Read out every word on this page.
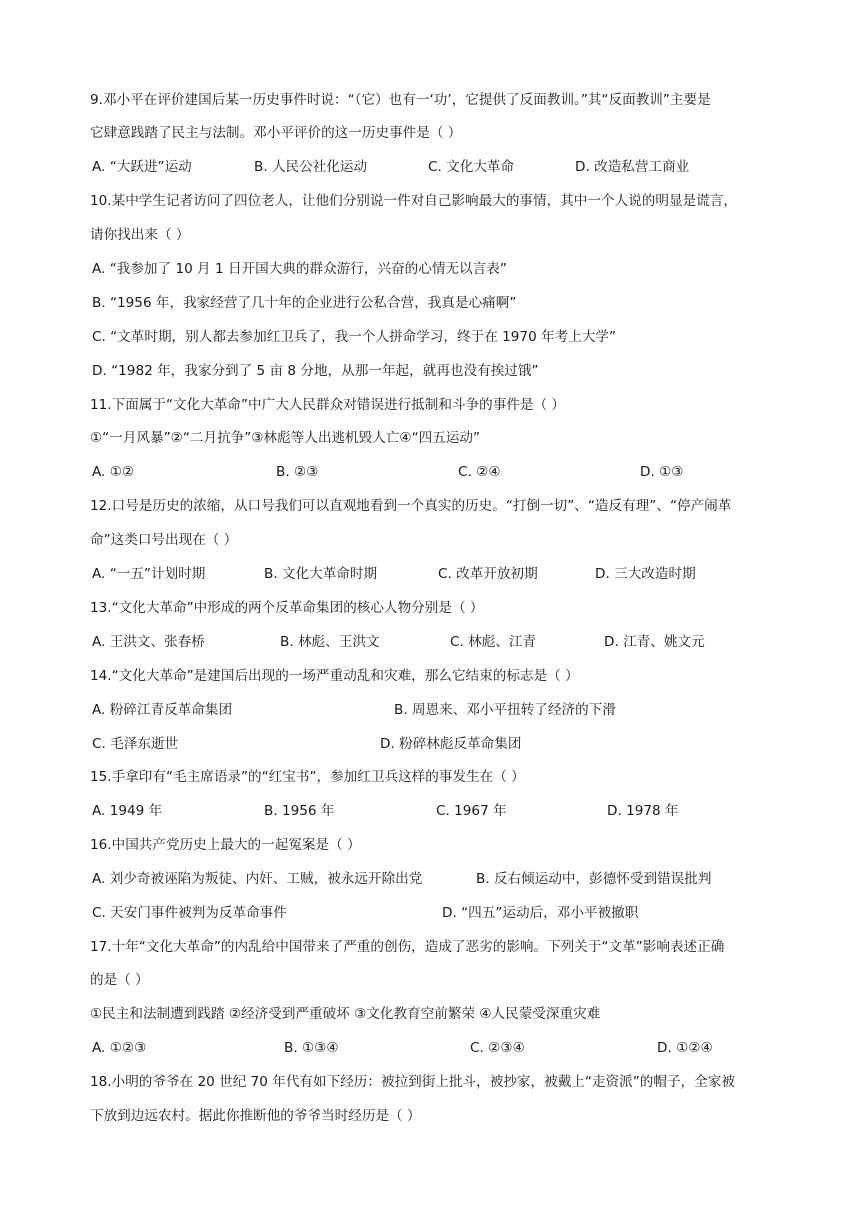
9.邓小平在评价建国后某一历史事件时说：“（它）也有一‘功’，它提供了反面教训。”其“反面教训”主要是
它肆意践踏了民主与法制。邓小平评价的这一历史事件是（ ）
A. “大跃进”运动	B. 人民公社化运动	C. 文化大革命	D. 改造私营工商业
10.某中学生记者访问了四位老人，让他们分别说一件对自己影响最大的事情，其中一个人说的明显是谎言，
请你找出来（ ）
A. “我参加了 10 月 1 日开国大典的群众游行，兴奋的心情无以言表”
B. “1956 年，我家经营了几十年的企业进行公私合营，我真是心痛啊”
C. “文革时期，别人都去参加红卫兵了，我一个人拼命学习，终于在 1970 年考上大学”
D. “1982 年，我家分到了 5 亩 8 分地，从那一年起，就再也没有挨过饿”
11.下面属于“文化大革命”中广大人民群众对错误进行抵制和斗争的事件是（ ）
①“一月风暴”②“二月抗争”③林彪等人出逃机毁人亡④“四五运动”
A. ①②	B. ②③	C. ②④	D. ①③
12.口号是历史的浓缩，从口号我们可以直观地看到一个真实的历史。“打倒一切”、“造反有理”、“停产闹革
命”这类口号出现在（ ）
A. “一五”计划时期	B. 文化大革命时期	C. 改革开放初期	D. 三大改造时期
13.“文化大革命”中形成的两个反革命集团的核心人物分别是（ ）
A. 王洪文、张春桥	B. 林彪、王洪文	C. 林彪、江青	D. 江青、姚文元
14.“文化大革命”是建国后出现的一场严重动乱和灾难，那么它结束的标志是（ ）
A. 粉碎江青反革命集团	B. 周恩来、邓小平扭转了经济的下滑
C. 毛泽东逝世	D. 粉碎林彪反革命集团
15.手拿印有“毛主席语录”的“红宝书”，参加红卫兵这样的事发生在（ ）
A. 1949 年	B. 1956 年	C. 1967 年	D. 1978 年
16.中国共产党历史上最大的一起冤案是（ ）
A. 刘少奇被诬陷为叛徒、内奸、工贼，被永远开除出党	B. 反右倾运动中，彭德怀受到错误批判
C. 天安门事件被判为反革命事件	D. “四五”运动后，邓小平被撤职
17.十年“文化大革命”的内乱给中国带来了严重的创伤，造成了恶劣的影响。下列关于“文革”影响表述正确
的是（ ）
①民主和法制遭到践踏 ②经济受到严重破坏 ③文化教育空前繁荣 ④人民蒙受深重灾难
A. ①②③	B. ①③④	C. ②③④	D. ①②④
18.小明的爷爷在 20 世纪 70 年代有如下经历：被拉到街上批斗，被抄家，被戴上“走资派”的帽子，全家被
下放到边远农村。据此你推断他的爷爷当时经历是（ ）
